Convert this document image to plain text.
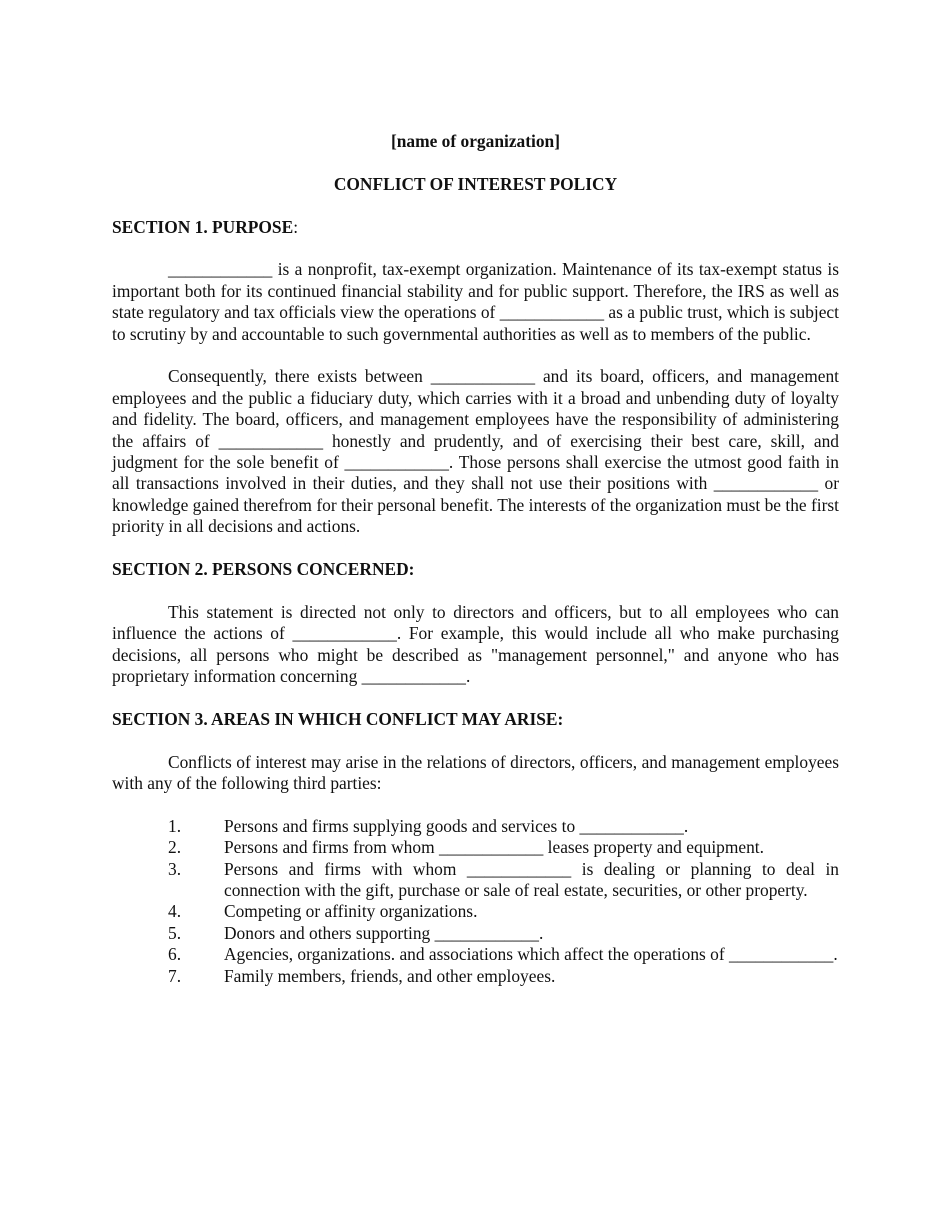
[name of organization]

CONFLICT OF INTEREST POLICY

SECTION 1. PURPOSE:

____________ is a nonprofit, tax-exempt organization. Maintenance of its tax-exempt status is important both for its continued financial stability and for public support. Therefore, the IRS as well as state regulatory and tax officials view the operations of ____________ as a public trust, which is subject to scrutiny by and accountable to such governmental authorities as well as to members of the public.

Consequently, there exists between ____________ and its board, officers, and management employees and the public a fiduciary duty, which carries with it a broad and unbending duty of loyalty and fidelity. The board, officers, and management employees have the responsibility of administering the affairs of ____________ honestly and prudently, and of exercising their best care, skill, and judgment for the sole benefit of ____________. Those persons shall exercise the utmost good faith in all transactions involved in their duties, and they shall not use their positions with ____________ or knowledge gained therefrom for their personal benefit. The interests of the organization must be the first priority in all decisions and actions.

SECTION 2. PERSONS CONCERNED:

This statement is directed not only to directors and officers, but to all employees who can influence the actions of ____________. For example, this would include all who make purchasing decisions, all persons who might be described as "management personnel," and anyone who has proprietary information concerning ____________.

SECTION 3. AREAS IN WHICH CONFLICT MAY ARISE:

Conflicts of interest may arise in the relations of directors, officers, and management employees with any of the following third parties:

1. Persons and firms supplying goods and services to ____________.
2. Persons and firms from whom ____________ leases property and equipment.
3. Persons and firms with whom ____________ is dealing or planning to deal in connection with the gift, purchase or sale of real estate, securities, or other property.
4. Competing or affinity organizations.
5. Donors and others supporting ____________.
6. Agencies, organizations. and associations which affect the operations of ____________.
7. Family members, friends, and other employees.
